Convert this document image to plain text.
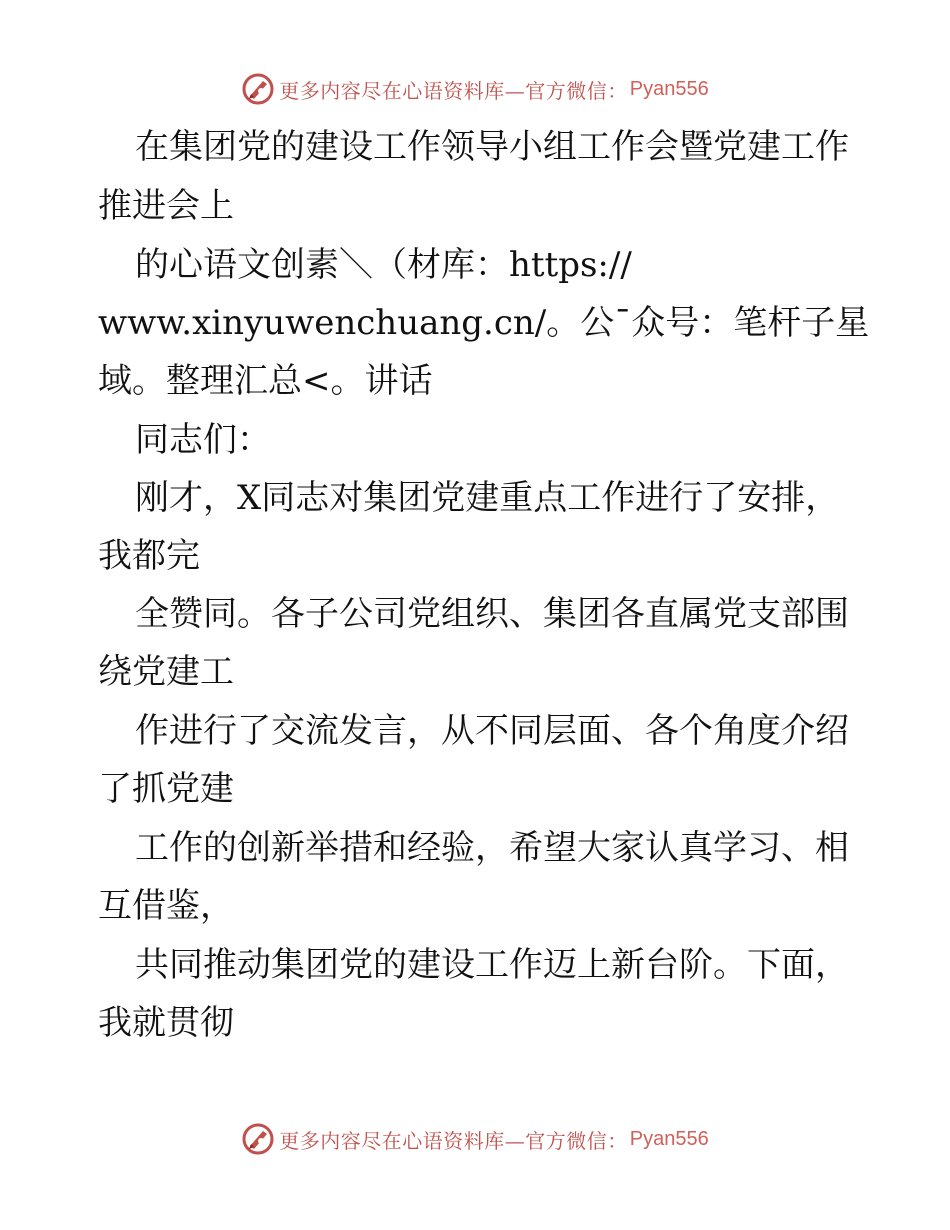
更多内容尽在心语资料库—官方微信： Pyan556
在集团党的建设工作领导小组工作会暨党建工作
推进会上
的心语文创素＼（材库：https://
www.xinyuwenchuang.cn/。公¯众号：笔杆子星
域。整理汇总<。讲话
同志们：
刚才，X同志对集团党建重点工作进行了安排，
我都完
全赞同。各子公司党组织、集团各直属党支部围
绕党建工
作进行了交流发言，从不同层面、各个角度介绍
了抓党建
工作的创新举措和经验，希望大家认真学习、相
互借鉴，
共同推动集团党的建设工作迈上新台阶。下面，
我就贯彻
更多内容尽在心语资料库—官方微信： Pyan556
